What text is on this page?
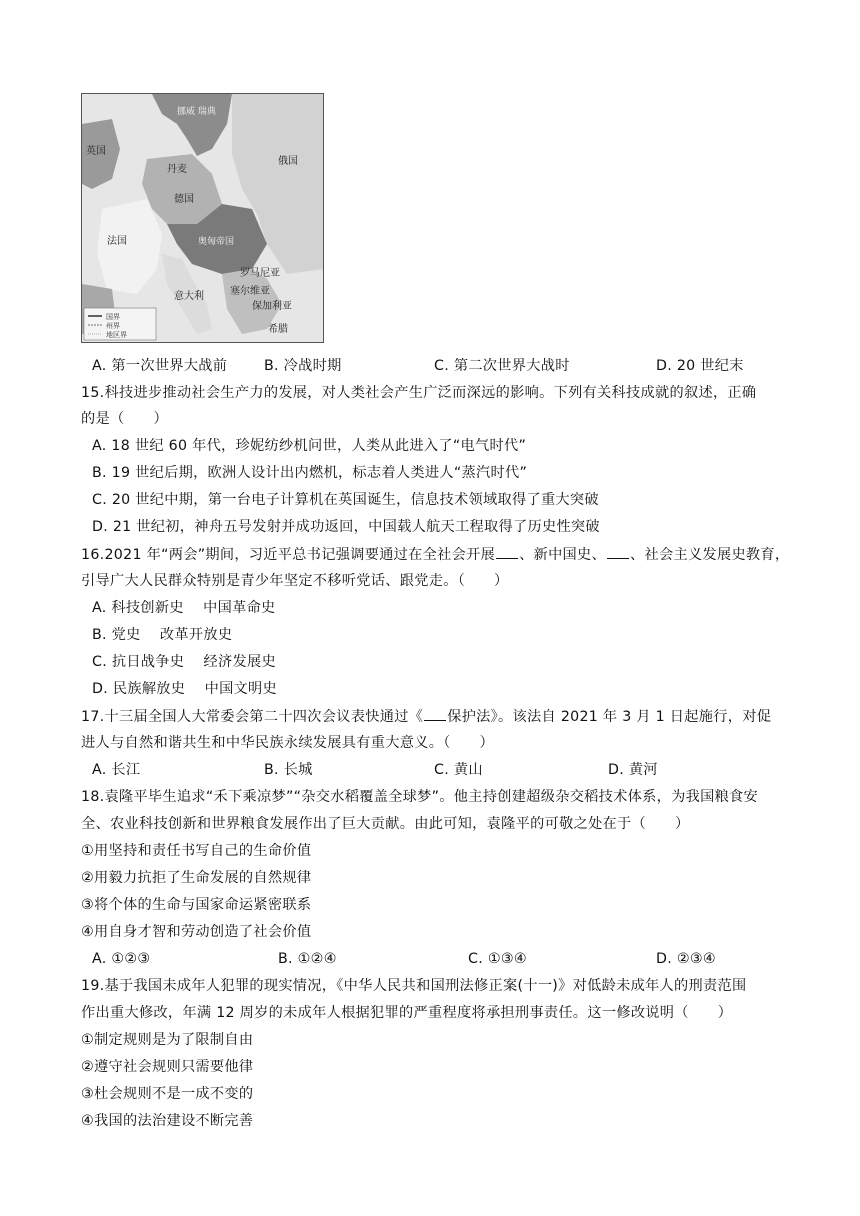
挪威 瑞典
丹麦
俄国
德国
英国
法国	奥匈帝国
意大利
罗马尼亚
塞尔维亚
保加利亚
希腊
国界
州界
地区界
A. 第一次世界大战前	B. 冷战时期	C. 第二次世界大战时	D. 20 世纪末
15.科技进步推动社会生产力的发展，对人类社会产生广泛而深远的影响。下列有关科技成就的叙述，正确
的是（　　）
A. 18 世纪 60 年代，珍妮纺纱机问世，人类从此进入了“电气时代”
B. 19 世纪后期，欧洲人设计出内燃机，标志着人类进人“蒸汽时代”
C. 20 世纪中期，第一台电子计算机在英国诞生，信息技术领域取得了重大突破
D. 21 世纪初，神舟五号发射并成功返回，中国载人航天工程取得了历史性突破
16.2021 年“两会”期间，习近平总书记强调要通过在全社会开展 、新中国史、 、社会主义发展史教育，
引导广大人民群众特别是青少年坚定不移听党话、跟党走。（　　）
A. 科技创新史　 中国革命史
B. 党史　 改革开放史
C. 抗日战争史　 经济发展史
D. 民族解放史　 中国文明史
17.十三届全国人大常委会第二十四次会议表快通过《 保护法》。该法自 2021 年 3 月 1 日起施行，对促
进人与自然和谐共生和中华民族永续发展具有重大意义。（　　）
A. 长江	B. 长城	C. 黄山	D. 黄河
18.袁隆平毕生追求“禾下乘凉梦”“杂交水稻覆盖全球梦”。他主持创建超级杂交稻技术体系，为我国粮食安
全、农业科技创新和世界粮食发展作出了巨大贡献。由此可知，袁隆平的可敬之处在于（　　）
①用坚持和责任书写自己的生命价值
②用毅力抗拒了生命发展的自然规律
③将个体的生命与国家命运紧密联系
④用自身才智和劳动创造了社会价值
A. ①②③	B. ①②④	C. ①③④	D. ②③④
19.基于我国未成年人犯罪的现实情况，《中华人民共和国刑法修正案(十一)》对低龄未成年人的刑责范围
作出重大修改，年满 12 周岁的未成年人根据犯罪的严重程度将承担刑事责任。这一修改说明（　　）
①制定规则是为了限制自由
②遵守社会规则只需要他律
③杜会规则不是一成不变的
④我国的法治建设不断完善
